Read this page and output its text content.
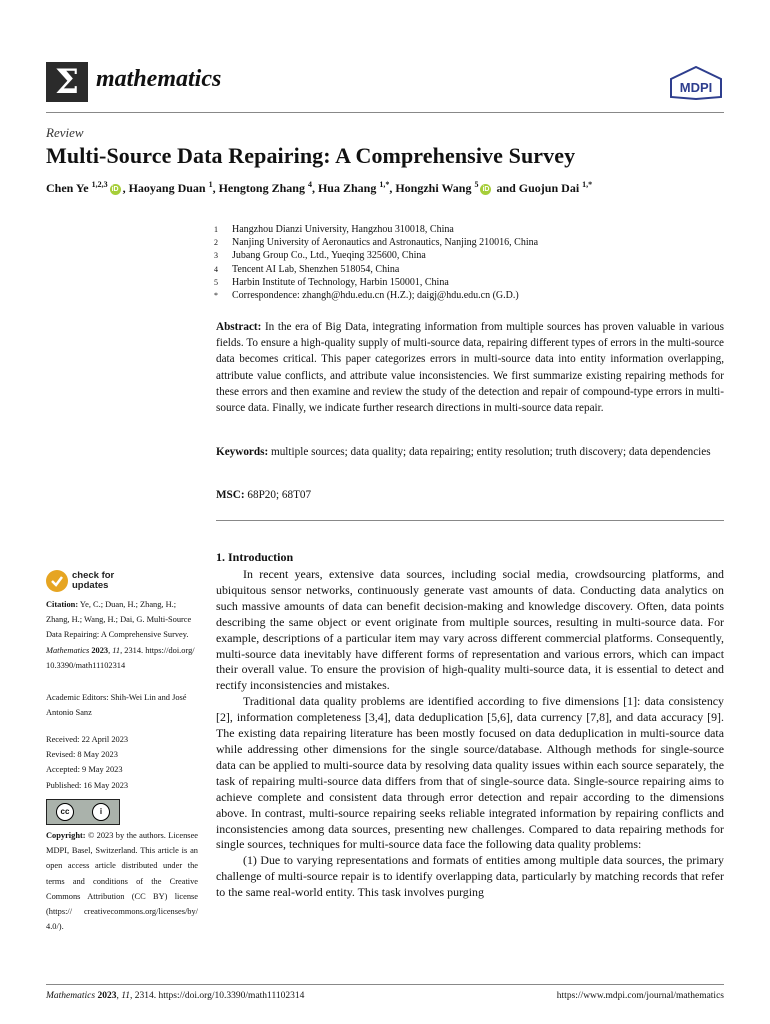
Σ mathematics	MDPI
Review
Multi-Source Data Repairing: A Comprehensive Survey
Chen Ye $^{1,2,3}$iD , Haoyang Duan $^1$, Hengtong Zhang $^4$, Hua Zhang $^{1,*}$, Hongzhi Wang $^5$iD and Guojun Dai $^{1,*}$
1	Hangzhou Dianzi University, Hangzhou 310018, China
2	Nanjing University of Aeronautics and Astronautics, Nanjing 210016, China
3	Jubang Group Co., Ltd., Yueqing 325600, China
4	Tencent AI Lab, Shenzhen 518054, China
5	Harbin Institute of Technology, Harbin 150001, China
*	Correspondence: zhangh@hdu.edu.cn (H.Z.); daigj@hdu.edu.cn (G.D.)
Abstract: In the era of Big Data, integrating information from multiple sources has proven valuable in various fields. To ensure a high-quality supply of multi-source data, repairing different types of errors in the multi-source data becomes critical. This paper categorizes errors in multi-source data into entity information overlapping, attribute value conflicts, and attribute value inconsistencies. We first summarize existing repairing methods for these errors and then examine and review the study of the detection and repair of compound-type errors in multi-source data. Finally, we indicate further research directions in multi-source data repair.
Keywords: multiple sources; data quality; data repairing; entity resolution; truth discovery; data dependencies
MSC: 68P20; 68T07
1. Introduction

In recent years, extensive data sources, including social media, crowdsourcing platforms, and ubiquitous sensor networks, continuously generate vast amounts of data. Conducting data analytics on such massive amounts of data can benefit decision-making and knowledge discovery. Often, data points describing the same object or event originate from multiple sources, resulting in multi-source data. For example, descriptions of a particular item may vary across different commercial platforms. Consequently, multi-source data inevitably have different forms of representation and various errors, which can impact their overall value. To ensure the provision of high-quality multi-source data, it is essential to detect and rectify inconsistencies and mistakes.

Traditional data quality problems are identified according to five dimensions [1]: data consistency [2], information completeness [3,4], data deduplication [5,6], data currency [7,8], and data accuracy [9]. The existing data repairing literature has been mostly focused on data deduplication in multi-source data while addressing other dimensions for the single source/database. Although methods for single-source data can be applied to multi-source data by resolving data quality issues within each source separately, the task of repairing multi-source data differs from that of single-source data. Single-source repairing aims to achieve complete and consistent data through error detection and repair according to the dimensions above. In contrast, multi-source repairing seeks reliable integrated information by repairing conflicts and inconsistencies among data sources, presenting new challenges. Compared to data repairing methods for single sources, techniques for multi-source data face the following data quality problems:

(1) Due to varying representations and formats of entities among multiple data sources, the primary challenge of multi-source repair is to identify overlapping data, particularly by matching records that refer to the same real-world entity. This task involves purging

check for
updates
Citation: Ye, C.; Duan, H.; Zhang, H.; Zhang, H.; Wang, H.; Dai, G. Multi-Source Data Repairing: A Comprehensive Survey. Mathematics 2023, 11, 2314. https://doi.org/ 10.3390/math11102314
Academic Editors: Shih-Wei Lin and José Antonio Sanz
Received: 22 April 2023
Revised: 8 May 2023
Accepted: 9 May 2023
Published: 16 May 2023
cc	i
Copyright: © 2023 by the authors. Licensee MDPI, Basel, Switzerland. This article is an open access article distributed under the terms and conditions of the Creative Commons Attribution (CC BY) license (https:// creativecommons.org/licenses/by/ 4.0/).
Mathematics 2023, 11, 2314. https://doi.org/10.3390/math11102314	https://www.mdpi.com/journal/mathematics
